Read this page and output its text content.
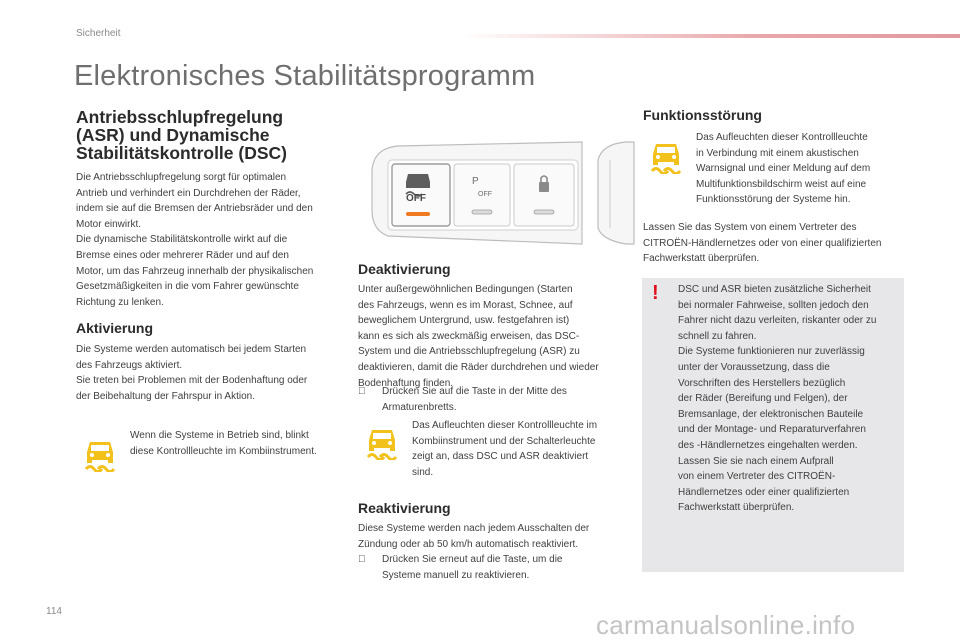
Sicherheit
Elektronisches Stabilitätsprogramm
Antriebsschlupfregelung
(ASR) und Dynamische
Stabilitätskontrolle (DSC)
Die Antriebsschlupfregelung sorgt für optimalen
Antrieb und verhindert ein Durchdrehen der Räder,
indem sie auf die Bremsen der Antriebsräder und den
Motor einwirkt.
Die dynamische Stabilitätskontrolle wirkt auf die
Bremse eines oder mehrerer Räder und auf den
Motor, um das Fahrzeug innerhalb der physikalischen
Gesetzmäßigkeiten in die vom Fahrer gewünschte
Richtung zu lenken.
Aktivierung
Die Systeme werden automatisch bei jedem Starten
des Fahrzeugs aktiviert.
Sie treten bei Problemen mit der Bodenhaftung oder
der Beibehaltung der Fahrspur in Aktion.
Wenn die Systeme in Betrieb sind, blinkt
diese Kontrollleuchte im Kombiinstrument.
OFF
P
OFF
Deaktivierung
Unter außergewöhnlichen Bedingungen (Starten
des Fahrzeugs, wenn es im Morast, Schnee, auf
beweglichem Untergrund, usw. festgefahren ist)
kann es sich als zweckmäßig erweisen, das DSC-
System und die Antriebsschlupfregelung (ASR) zu
deaktivieren, damit die Räder durchdrehen und wieder
Bodenhaftung finden.
Drücken Sie auf die Taste in der Mitte des
Armaturenbretts.
Das Aufleuchten dieser Kontrollleuchte im
Kombiinstrument und der Schalterleuchte
zeigt an, dass DSC und ASR deaktiviert
sind.
Reaktivierung
Diese Systeme werden nach jedem Ausschalten der
Zündung oder ab 50 km/h automatisch reaktiviert.
Drücken Sie erneut auf die Taste, um die
Systeme manuell zu reaktivieren.
Funktionsstörung
Das Aufleuchten dieser Kontrollleuchte
in Verbindung mit einem akustischen
Warnsignal und einer Meldung auf dem
Multifunktionsbildschirm weist auf eine
Funktionsstörung der Systeme hin.
Lassen Sie das System von einem Vertreter des
CITROËN-Händlernetzes oder von einer qualifizierten
Fachwerkstatt überprüfen.
! DSC und ASR bieten zusätzliche Sicherheit
bei normaler Fahrweise, sollten jedoch den
Fahrer nicht dazu verleiten, riskanter oder zu
schnell zu fahren.
Die Systeme funktionieren nur zuverlässig
unter der Voraussetzung, dass die
Vorschriften des Herstellers bezüglich
der Räder (Bereifung und Felgen), der
Bremsanlage, der elektronischen Bauteile
und der Montage- und Reparaturverfahren
des -Händlernetzes eingehalten werden.
Lassen Sie sie nach einem Aufprall
von einem Vertreter des CITROËN-
Händlernetzes oder einer qualifizierten
Fachwerkstatt überprüfen.
114	carmanualsonline.info
